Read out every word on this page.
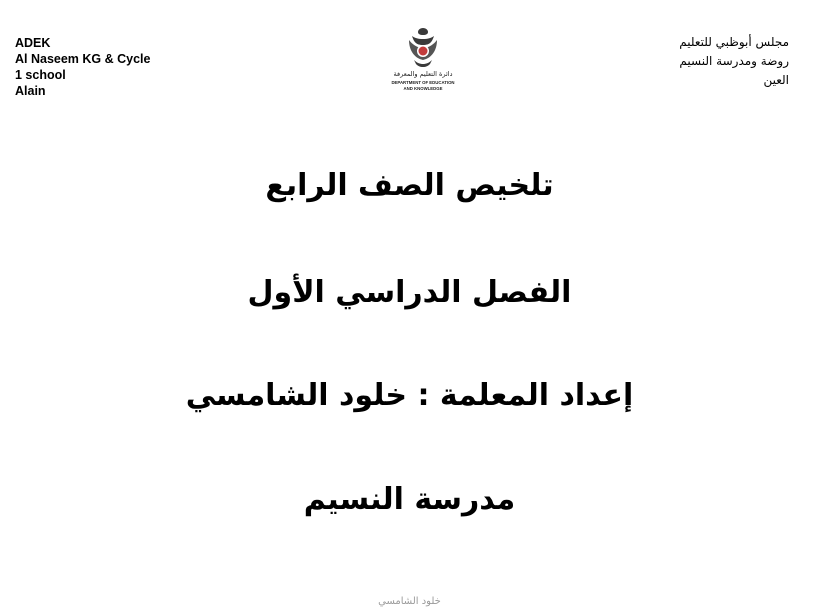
ADEK
Al Naseem KG & Cycle
1 school
Alain
دائرة التعليم والمعرفة
DEPARTMENT OF EDUCATION
AND KNOWLEDGE
مجلس أبوظبي للتعليم
روضة ومدرسة النسيم
العين
تلخيص الصف الرابع
الفصل الدراسي الأول
إعداد المعلمة : خلود الشامسي
مدرسة النسيم
خلود الشامسي
